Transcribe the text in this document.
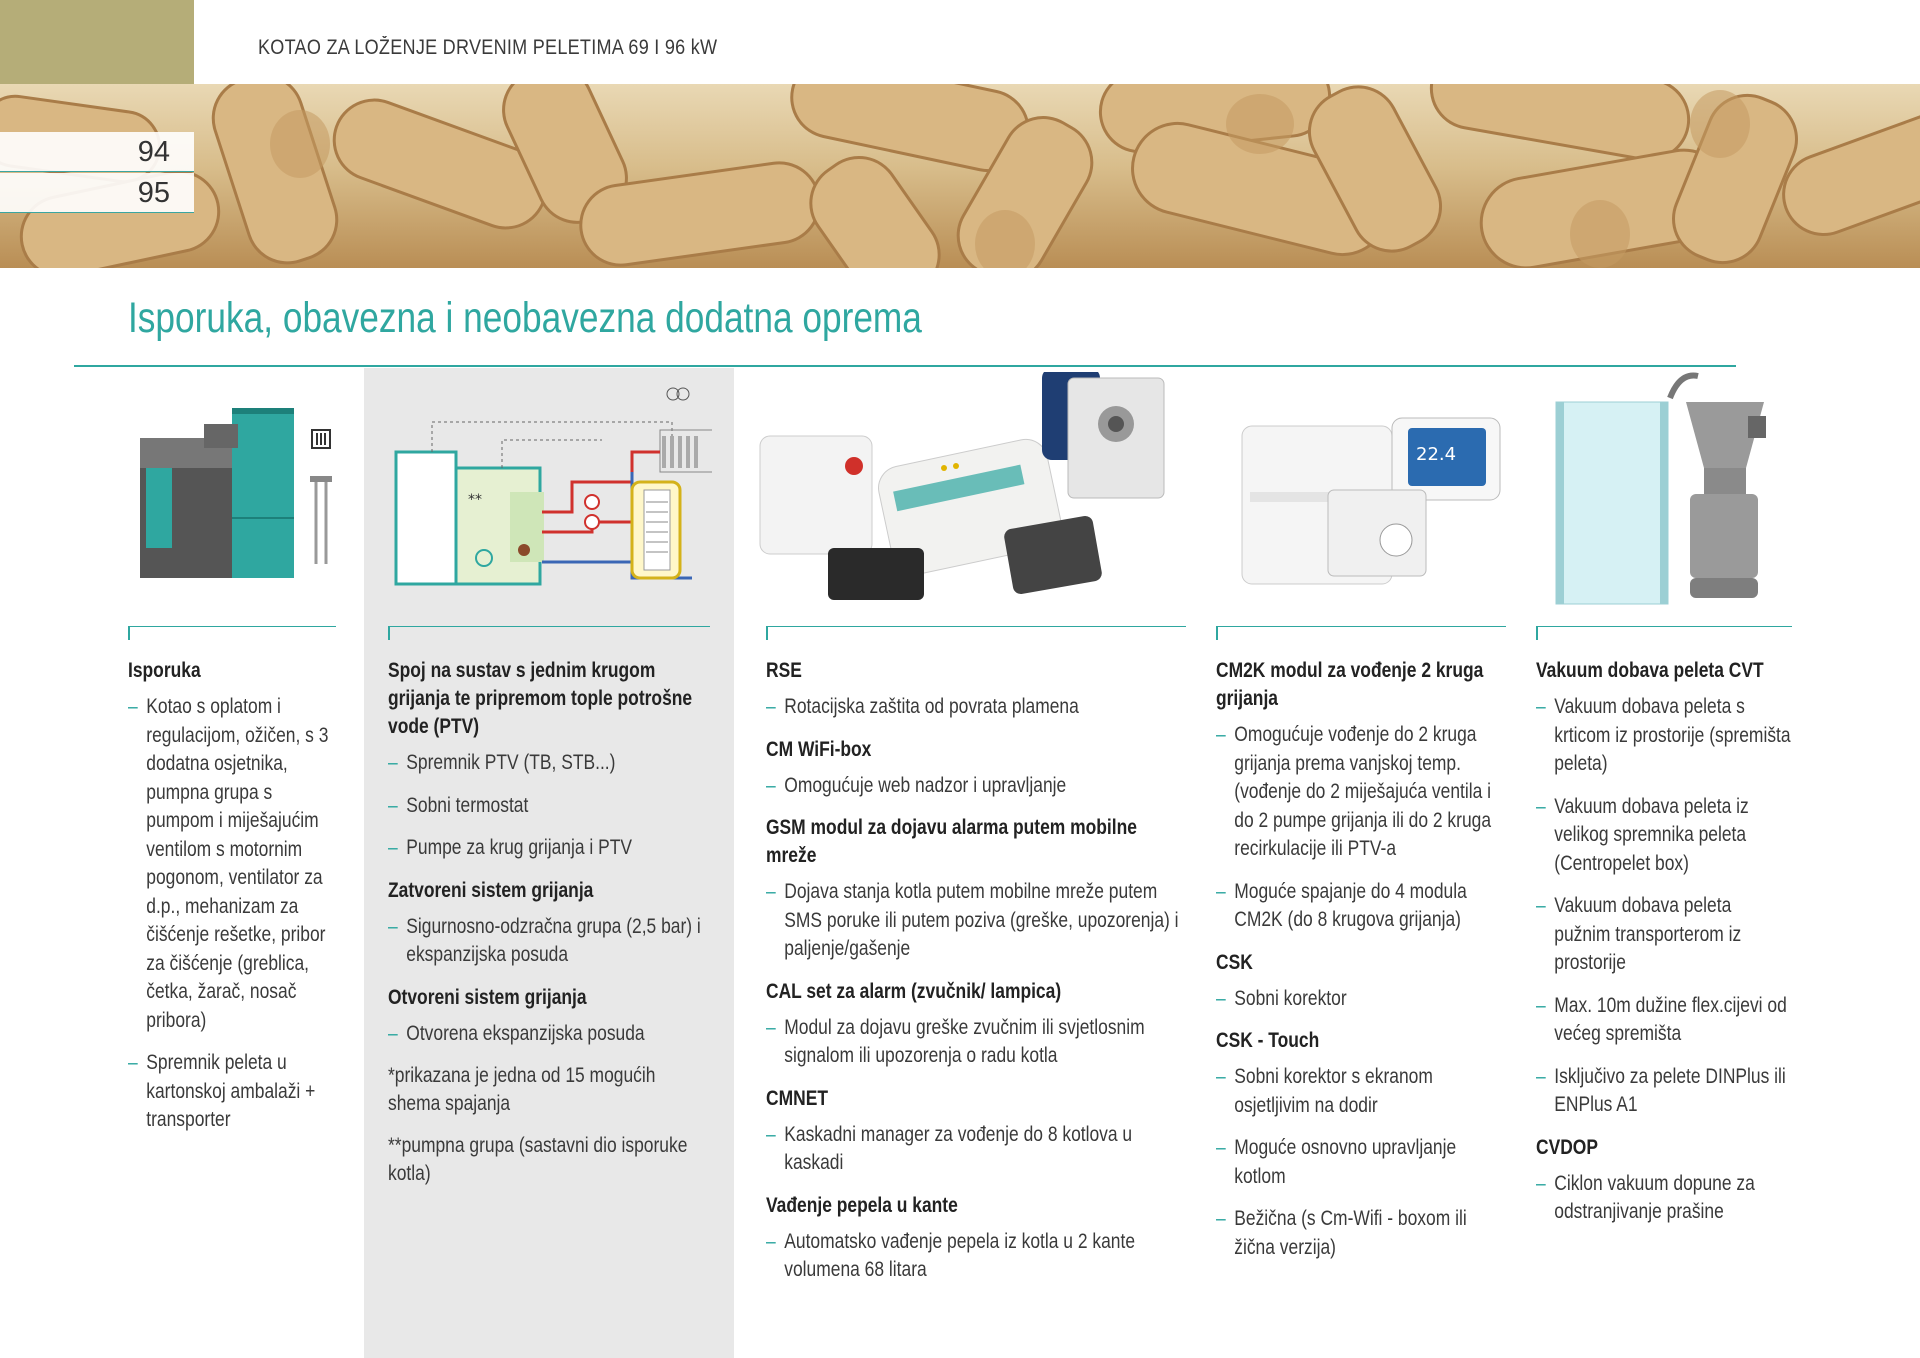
KOTAO ZA LOŽENJE DRVENIM PELETIMA 69 I 96 kW
94
95
Isporuka, obavezna i neobavezna dodatna oprema
**
22.4
Isporuka
– Kotao s oplatom i regulacijom, ožičen, s 3 dodatna osjetnika, pumpna grupa s pumpom i miješajućim ventilom s motornim pogonom, ventilator za d.p., mehanizam za čišćenje rešetke, pribor za čišćenje (greblica, četka, žarač, nosač pribora)
– Spremnik peleta u kartonskoj ambalaži + transporter
Spoj na sustav s jednim krugom grijanja te pripremom tople potrošne vode (PTV)
– Spremnik PTV (TB, STB...)
– Sobni termostat
– Pumpe za krug grijanja i PTV
Zatvoreni sistem grijanja
– Sigurnosno-odzračna grupa (2,5 bar) i ekspanzijska posuda
Otvoreni sistem grijanja
– Otvorena ekspanzijska posuda
*prikazana je jedna od 15 mogućih shema spajanja
**pumpna grupa (sastavni dio isporuke kotla)
RSE
– Rotacijska zaštita od povrata plamena
CM WiFi-box
– Omogućuje web nadzor i upravljanje
GSM modul za dojavu alarma putem mobilne mreže
– Dojava stanja kotla putem mobilne mreže putem SMS poruke ili putem poziva (greške, upozorenja) i paljenje/gašenje
CAL set za alarm (zvučnik/ lampica)
– Modul za dojavu greške zvučnim ili svjetlosnim signalom ili upozorenja o radu kotla
CMNET
– Kaskadni manager za vođenje do 8 kotlova u kaskadi
Vađenje pepela u kante
– Automatsko vađenje pepela iz kotla u 2 kante volumena 68 litara
CM2K modul za vođenje 2 kruga grijanja
– Omogućuje vođenje do 2 kruga grijanja prema vanjskoj temp. (vođenje do 2 miješajuća ventila i do 2 pumpe grijanja ili do 2 kruga recirkulacije ili PTV-a
– Moguće spajanje do 4 modula CM2K (do 8 krugova grijanja)
CSK
– Sobni korektor
CSK - Touch
– Sobni korektor s ekranom osjetljivim na dodir
– Moguće osnovno upravljanje kotlom
– Bežična (s Cm-Wifi - boxom ili žična verzija)
Vakuum dobava peleta CVT
– Vakuum dobava peleta s krticom iz prostorije (spremišta peleta)
– Vakuum dobava peleta iz velikog spremnika peleta (Centropelet box)
– Vakuum dobava peleta pužnim transporterom iz prostorije
– Max. 10m dužine flex.cijevi od većeg spremišta
– Isključivo za pelete DINPlus ili ENPlus A1
CVDOP
– Ciklon vakuum dopune za odstranjivanje prašine
